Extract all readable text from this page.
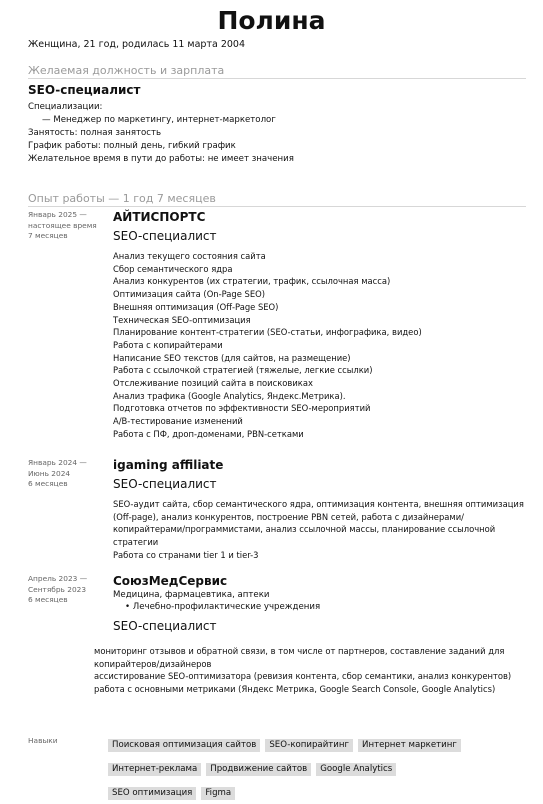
Полина
Женщина, 21 год, родилась 11 марта 2004
Желаемая должность и зарплата
SEO-специалист
Специализации:
— Менеджер по маркетингу, интернет-маркетолог
Занятость: полная занятость
График работы: полный день, гибкий график
Желательное время в пути до работы: не имеет значения
Опыт работы — 1 год 7 месяцев
Январь 2025 —
настоящее время
7 месяцев
АЙТИСПОРТС
SEO-специалист
Анализ текущего состояния сайта
Сбор семантического ядра
Анализ конкурентов (их стратегии, трафик, ссылочная масса)
Оптимизация сайта (On-Page SEO)
Внешняя оптимизация (Off-Page SEO)
Техническая SEO-оптимизация
Планирование контент-стратегии (SEO-статьи, инфографика, видео)
Работа с копирайтерами
Написание SEO текстов (для сайтов, на размещение)
Работа с ссылочкой стратегией (тяжелые, легкие ссылки)
Отслеживание позиций сайта в поисковиках
Анализ трафика (Google Analytics, Яндекс.Метрика).
Подготовка отчетов по эффективности SEO-мероприятий
A/B-тестирование изменений
Работа с ПФ, дроп-доменами, PBN-сетками
Январь 2024 —
Июнь 2024
6 месяцев
igaming affiliate
SEO-специалист
SEO-аудит сайта, сбор семантического ядра, оптимизация контента, внешняя оптимизация (Off-page), анализ конкурентов, построение PBN сетей, работа с дизайнерами/копирайтерами/программистами, анализ ссылочной массы, планирование ссылочной стратегии
Работа со странами tier 1 и tier-3
Апрель 2023 —
Сентябрь 2023
6 месяцев
СоюзМедСервис
Медицина, фармацевтика, аптеки
• Лечебно-профилактические учреждения
SEO-специалист
мониторинг отзывов и обратной связи, в том числе от партнеров, составление заданий для копирайтеров/дизайнеров
ассистирование SEO-оптимизатора (ревизия контента, сбор семантики, анализ конкурентов)
работа с основными метриками (Яндекс Метрика, Google Search Console, Google Analytics)
Навыки	Поисковая оптимизация сайтов SEO-копирайтинг Интернет маркетинг
Интернет-реклама Продвижение сайтов Google Analytics
SEO оптимизация Figma
